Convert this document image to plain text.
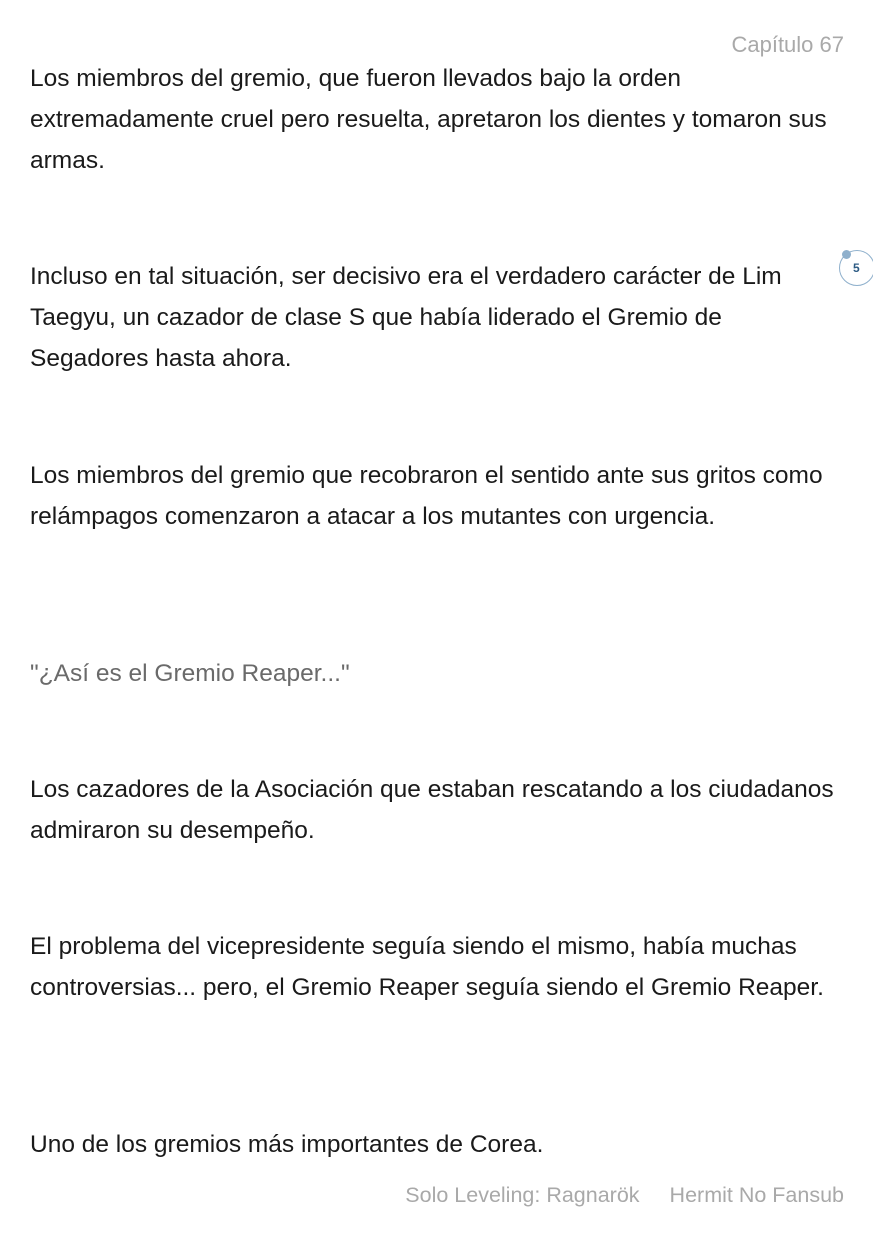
Capítulo 67

Los miembros del gremio, que fueron llevados bajo la orden extremadamente cruel pero resuelta, apretaron los dientes y tomaron sus armas.

Incluso en tal situación, ser decisivo era el verdadero carácter de Lim Taegyu, un cazador de clase S que había liderado el Gremio de Segadores hasta ahora.

Los miembros del gremio que recobraron el sentido ante sus gritos como relámpagos comenzaron a atacar a los mutantes con urgencia.

"¿Así es el Gremio Reaper..."

Los cazadores de la Asociación que estaban rescatando a los ciudadanos admiraron su desempeño.

El problema del vicepresidente seguía siendo el mismo, había muchas controversias... pero, el Gremio Reaper seguía siendo el Gremio Reaper.

Uno de los gremios más importantes de Corea.

5
Solo Leveling: Ragnarök Hermit No Fansub
